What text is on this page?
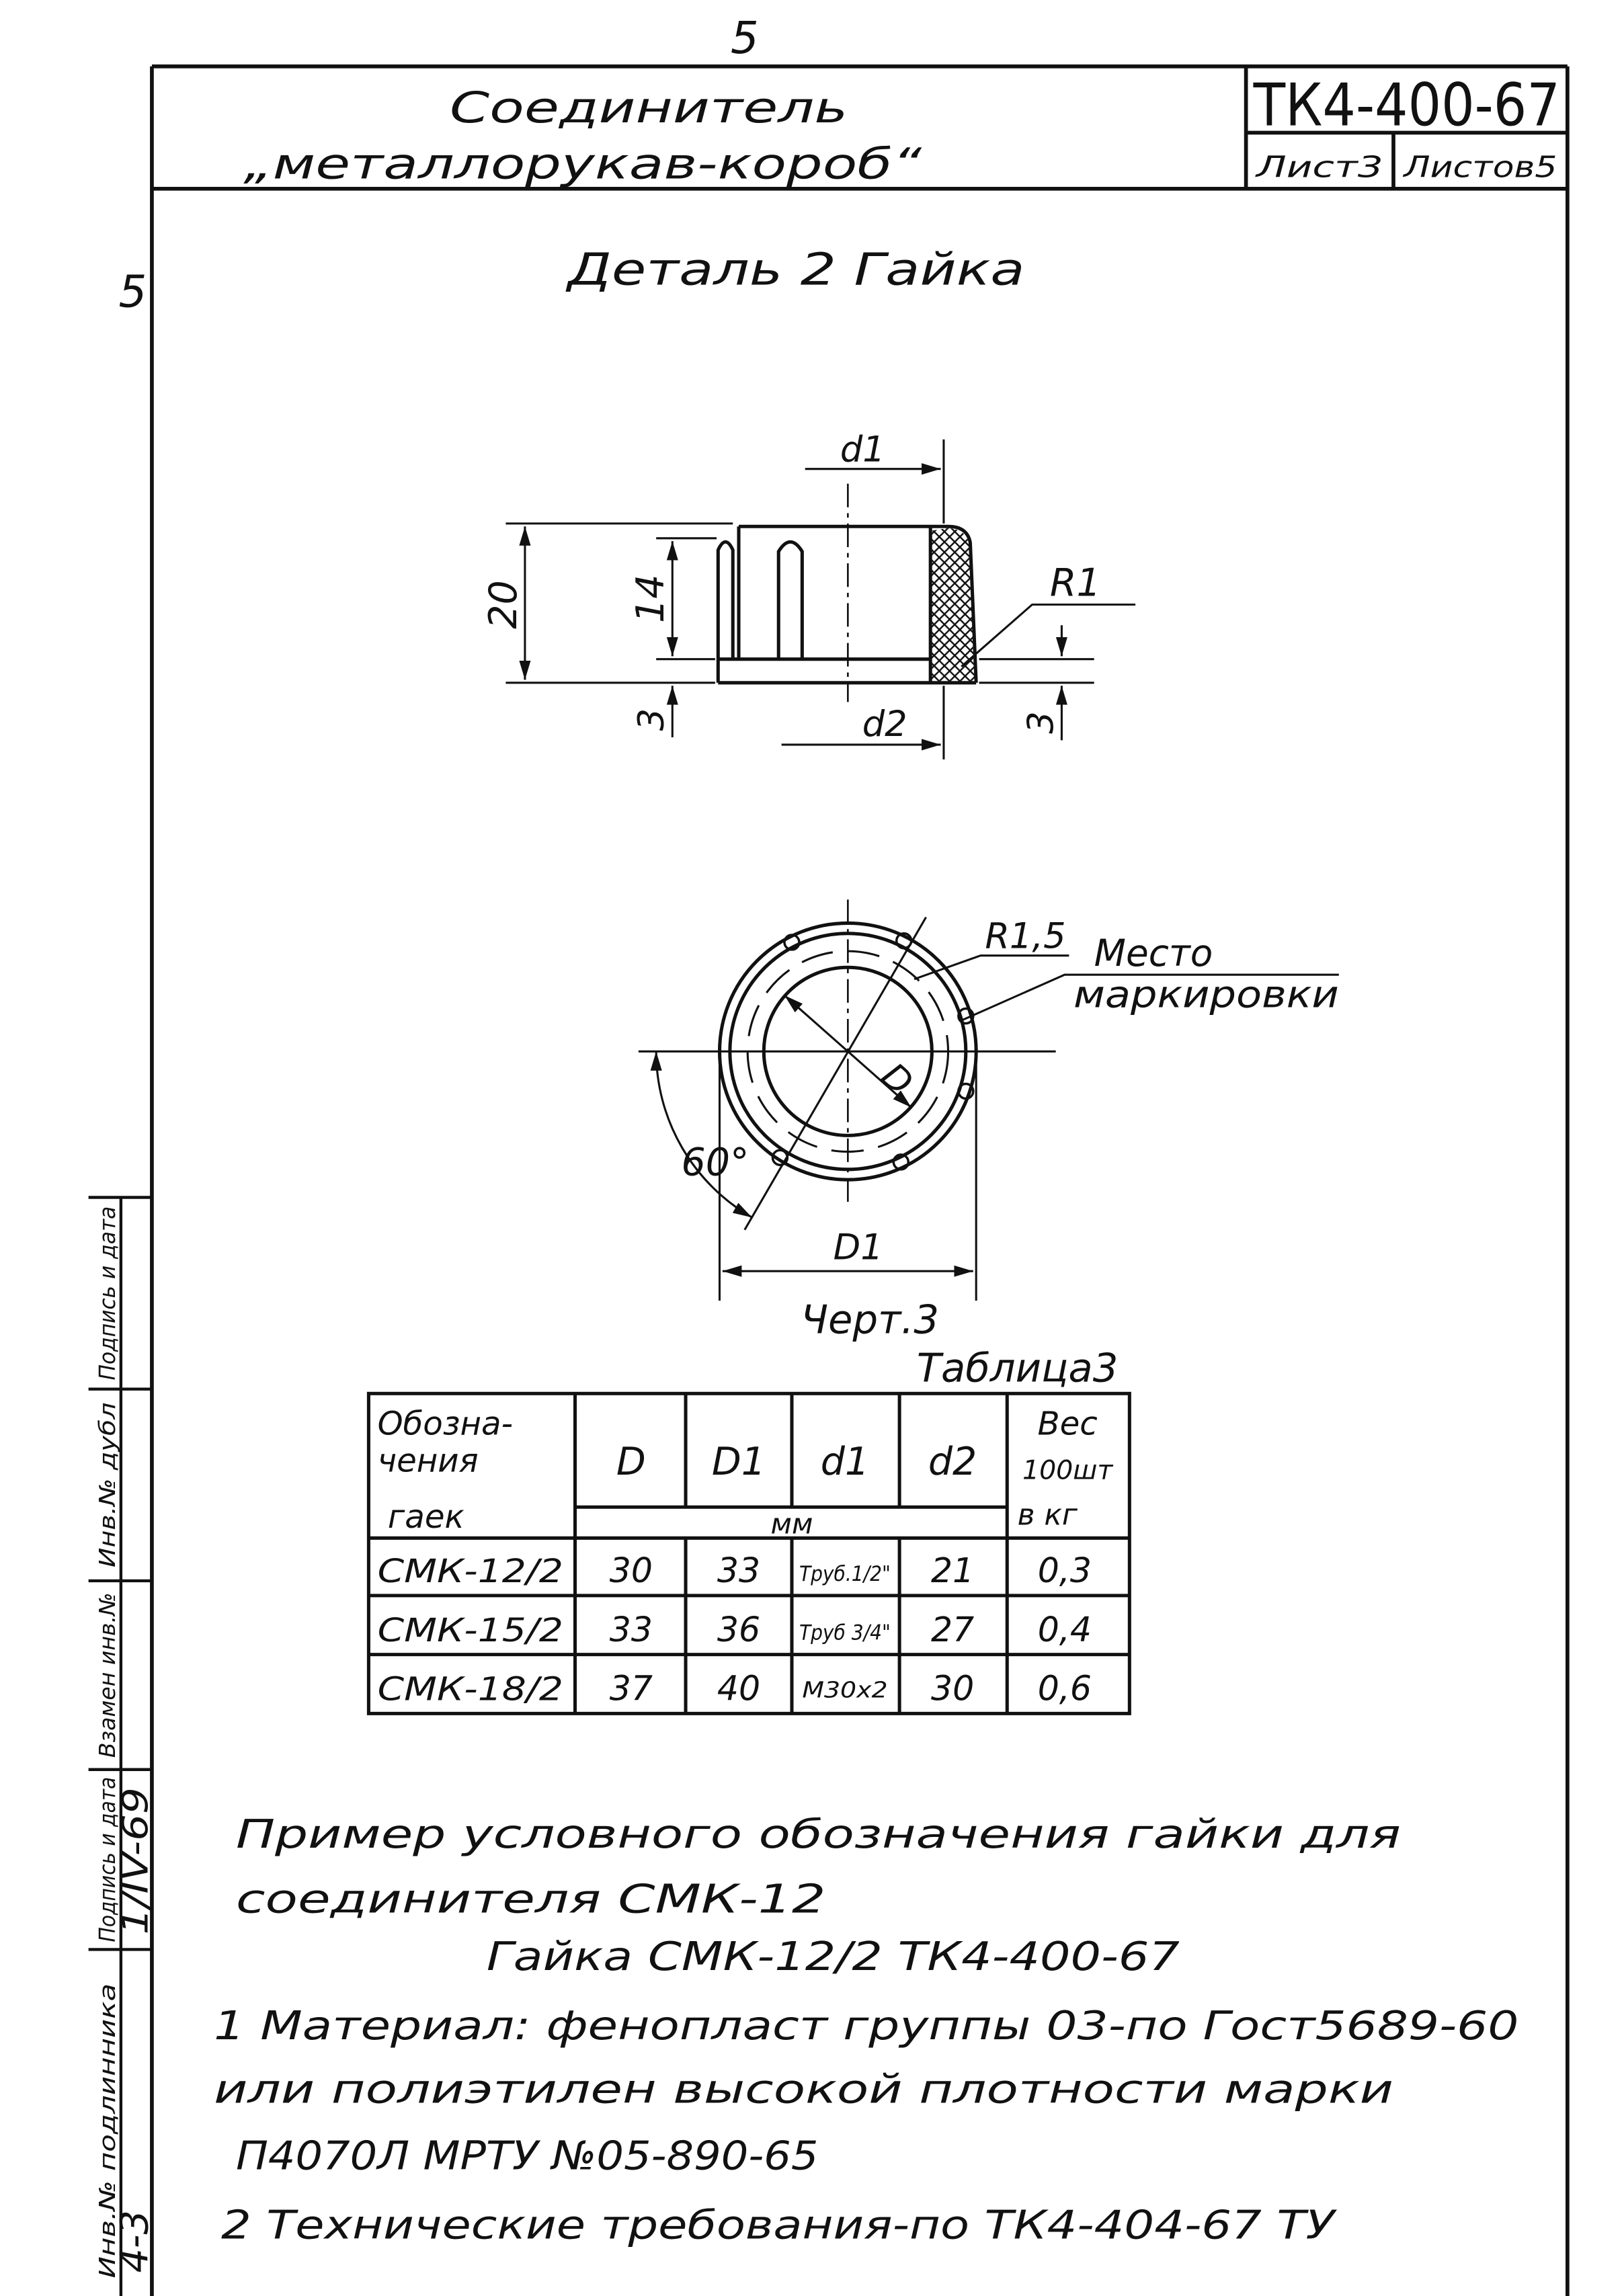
5
5
Соединитель
„металлорукав-короб“
ТК4-400-67
Лист3 Листов5
Деталь 2 Гайка
20	14
3	3
d1
d2
R1
D
R1,5 Место
маркировки
60°
D1
Черт.3
Таблица3
Обозна-
чения
гаек
D	D1	d1	d2
мм
Вес
100шт
в кг
СМК-12/2	30	33	Труб.1/2"	21	0,3
СМК-15/2	33	36	Труб 3/4"	27	0,4
СМК-18/2	37	40	М30х2	30	0,6
Пример условного обозначения гайки для
соединителя СМК-12
Гайка СМК-12/2 ТК4-400-67
1 Материал: фенопласт группы 03-по Гост5689-60
или полиэтилен высокой плотности марки
П4070Л МРТУ №05-890-65
2 Технические требования-по ТК4-404-67 ТУ
Подпись и дата
Инв.№ дубл
Взамен инв.№
Подпись и дата
Инв.№ подлинника
1/IV-69
4-3
